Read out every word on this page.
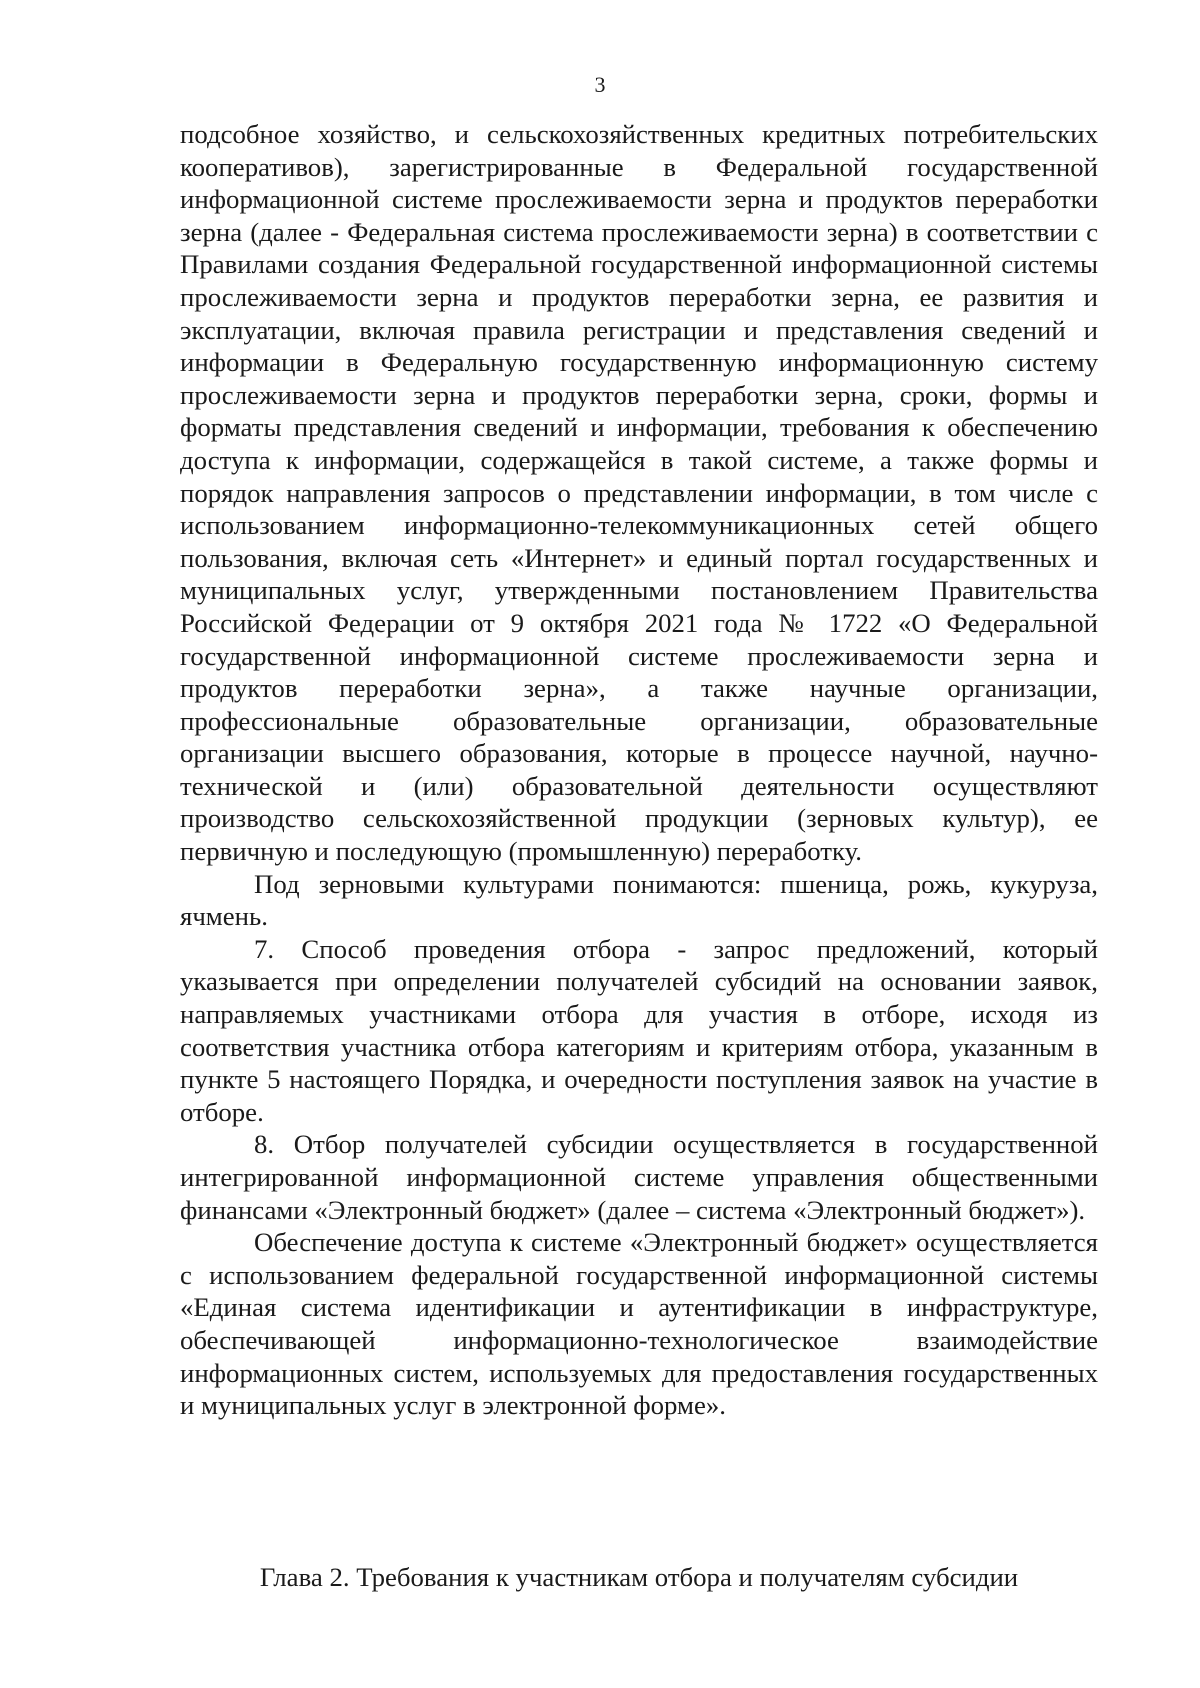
3

подсобное хозяйство, и сельскохозяйственных кредитных потребительских кооперативов), зарегистрированные в Федеральной государственной информационной системе прослеживаемости зерна и продуктов переработки зерна (далее - Федеральная система прослеживаемости зерна) в соответствии с Правилами создания Федеральной государственной информационной системы прослеживаемости зерна и продуктов переработки зерна, ее развития и эксплуатации, включая правила регистрации и представления сведений и информации в Федеральную государственную информационную систему прослеживаемости зерна и продуктов переработки зерна, сроки, формы и форматы представления сведений и информации, требования к обеспечению доступа к информации, содержащейся в такой системе, а также формы и порядок направления запросов о представлении информации, в том числе с использованием информационно-телекоммуникационных сетей общего пользования, включая сеть «Интернет» и единый портал государственных и муниципальных услуг, утвержденными постановлением Правительства Российской Федерации от 9 октября 2021 года № 1722 «О Федеральной государственной информационной системе прослеживаемости зерна и продуктов переработки зерна», а также научные организации, профессиональные образовательные организации, образовательные организации высшего образования, которые в процессе научной, научно-технической и (или) образовательной деятельности осуществляют производство сельскохозяйственной продукции (зерновых культур), ее первичную и последующую (промышленную) переработку.

Под зерновыми культурами понимаются: пшеница, рожь, кукуруза, ячмень.

7. Способ проведения отбора - запрос предложений, который указывается при определении получателей субсидий на основании заявок, направляемых участниками отбора для участия в отборе, исходя из соответствия участника отбора категориям и критериям отбора, указанным в пункте 5 настоящего Порядка, и очередности поступления заявок на участие в отборе.

8. Отбор получателей субсидии осуществляется в государственной интегрированной информационной системе управления общественными финансами «Электронный бюджет» (далее – система «Электронный бюджет»).

Обеспечение доступа к системе «Электронный бюджет» осуществляется с использованием федеральной государственной информационной системы «Единая система идентификации и аутентификации в инфраструктуре, обеспечивающей информационно-технологическое взаимодействие информационных систем, используемых для предоставления государственных и муниципальных услуг в электронной форме».

Глава 2. Требования к участникам отбора и получателям субсидии
